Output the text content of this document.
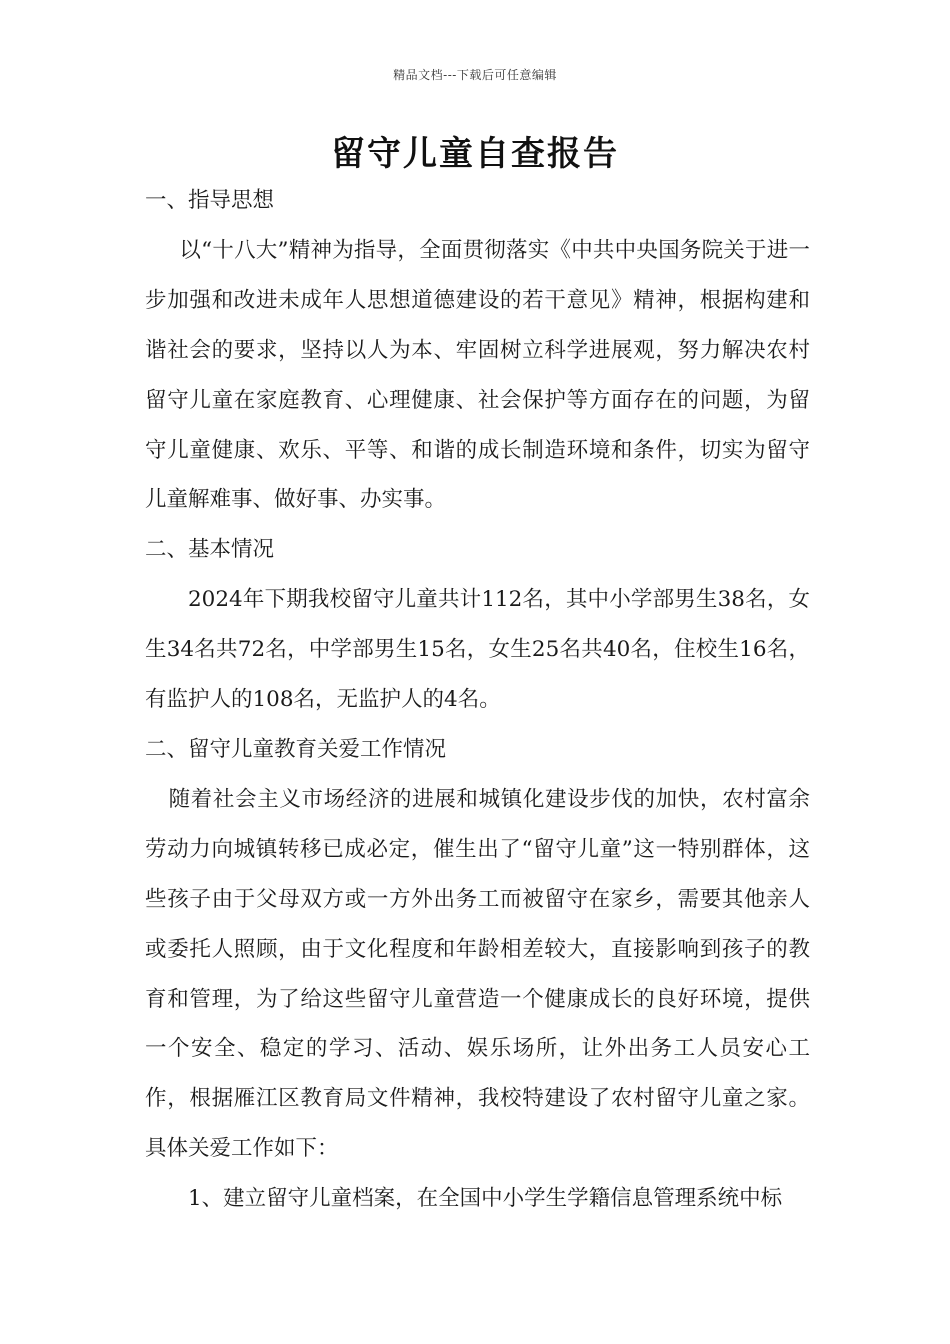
精品文档---下载后可任意编辑
留守儿童自查报告

一、指导思想

以“十八大”精神为指导，全面贯彻落实《中共中央国务院关于进一步加强和改进未成年人思想道德建设的若干意见》精神，根据构建和谐社会的要求，坚持以人为本、牢固树立科学进展观，努力解决农村留守儿童在家庭教育、心理健康、社会保护等方面存在的问题，为留守儿童健康、欢乐、平等、和谐的成长制造环境和条件，切实为留守儿童解难事、做好事、办实事。

二、基本情况

2024年下期我校留守儿童共计112名，其中小学部男生38名，女生34名共72名，中学部男生15名，女生25名共40名，住校生16名，有监护人的108名，无监护人的4名。

二、留守儿童教育关爱工作情况

随着社会主义市场经济的进展和城镇化建设步伐的加快，农村富余劳动力向城镇转移已成必定，催生出了“留守儿童”这一特别群体，这些孩子由于父母双方或一方外出务工而被留守在家乡，需要其他亲人或委托人照顾，由于文化程度和年龄相差较大，直接影响到孩子的教育和管理，为了给这些留守儿童营造一个健康成长的良好环境，提供一个安全、稳定的学习、活动、娱乐场所，让外出务工人员安心工作，根据雁江区教育局文件精神，我校特建设了农村留守儿童之家。 具体关爱工作如下：

1、建立留守儿童档案，在全国中小学生学籍信息管理系统中标
